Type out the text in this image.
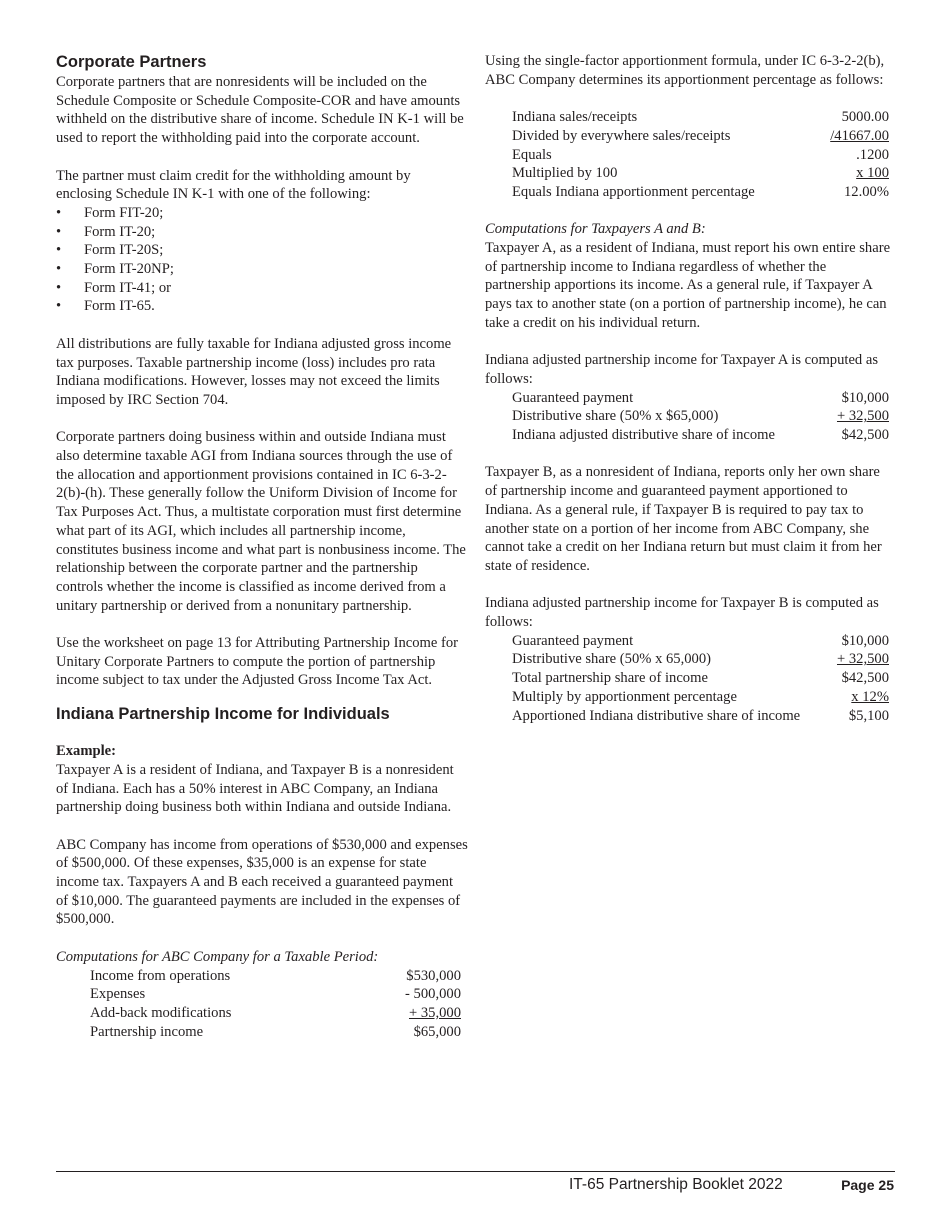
Corporate Partners

Corporate partners that are nonresidents will be included on the Schedule Composite or Schedule Composite-COR and have amounts withheld on the distributive share of income. Schedule IN K-1 will be used to report the withholding paid into the corporate account.

The partner must claim credit for the withholding amount by enclosing Schedule IN K-1 with one of the following:

• Form FIT-20;
• Form IT-20;
• Form IT-20S;
• Form IT-20NP;
• Form IT-41; or
• Form IT-65.

All distributions are fully taxable for Indiana adjusted gross income tax purposes. Taxable partnership income (loss) includes pro rata Indiana modifications. However, losses may not exceed the limits imposed by IRC Section 704.

Corporate partners doing business within and outside Indiana must also determine taxable AGI from Indiana sources through the use of the allocation and apportionment provisions contained in IC 6-3-2-2(b)-(h). These generally follow the Uniform Division of Income for Tax Purposes Act. Thus, a multistate corporation must first determine what part of its AGI, which includes all partnership income, constitutes business income and what part is nonbusiness income. The relationship between the corporate partner and the partnership controls whether the income is classified as income derived from a unitary partnership or derived from a nonunitary partnership.

Use the worksheet on page 13 for Attributing Partnership Income for Unitary Corporate Partners to compute the portion of partnership income subject to tax under the Adjusted Gross Income Tax Act.

Indiana Partnership Income for Individuals
Example:

Taxpayer A is a resident of Indiana, and Taxpayer B is a nonresident of Indiana. Each has a 50% interest in ABC Company, an Indiana partnership doing business both within Indiana and outside Indiana.

ABC Company has income from operations of $530,000 and expenses of $500,000. Of these expenses, $35,000 is an expense for state income tax. Taxpayers A and B each received a guaranteed payment of $10,000. The guaranteed payments are included in the expenses of $500,000.

Computations for ABC Company for a Taxable Period:
Income from operations	$530,000
Expenses	- 500,000
Add-back modifications	+ 35,000
Partnership income	$65,000

Using the single-factor apportionment formula, under IC 6-3-2-2(b), ABC Company determines its apportionment percentage as follows:

Indiana sales/receipts	5000.00
Divided by everywhere sales/receipts	/41667.00
Equals	.1200
Multiplied by 100	x 100
Equals Indiana apportionment percentage	12.00%
Computations for Taxpayers A and B:

Taxpayer A, as a resident of Indiana, must report his own entire share of partnership income to Indiana regardless of whether the partnership apportions its income. As a general rule, if Taxpayer A pays tax to another state (on a portion of partnership income), he can take a credit on his individual return.

Indiana adjusted partnership income for Taxpayer A is computed as follows:
Guaranteed payment	$10,000
Distributive share (50% x $65,000)	+ 32,500
Indiana adjusted distributive share of income	$42,500

Taxpayer B, as a nonresident of Indiana, reports only her own share of partnership income and guaranteed payment apportioned to Indiana. As a general rule, if Taxpayer B is required to pay tax to another state on a portion of her income from ABC Company, she cannot take a credit on her Indiana return but must claim it from her state of residence.

Indiana adjusted partnership income for Taxpayer B is computed as follows:
Guaranteed payment	$10,000
Distributive share (50% x 65,000)	+ 32,500
Total partnership share of income	$42,500
Multiply by apportionment percentage	x 12%
Apportioned Indiana distributive share of income	$5,100
IT-65 Partnership Booklet 2022	Page 25
